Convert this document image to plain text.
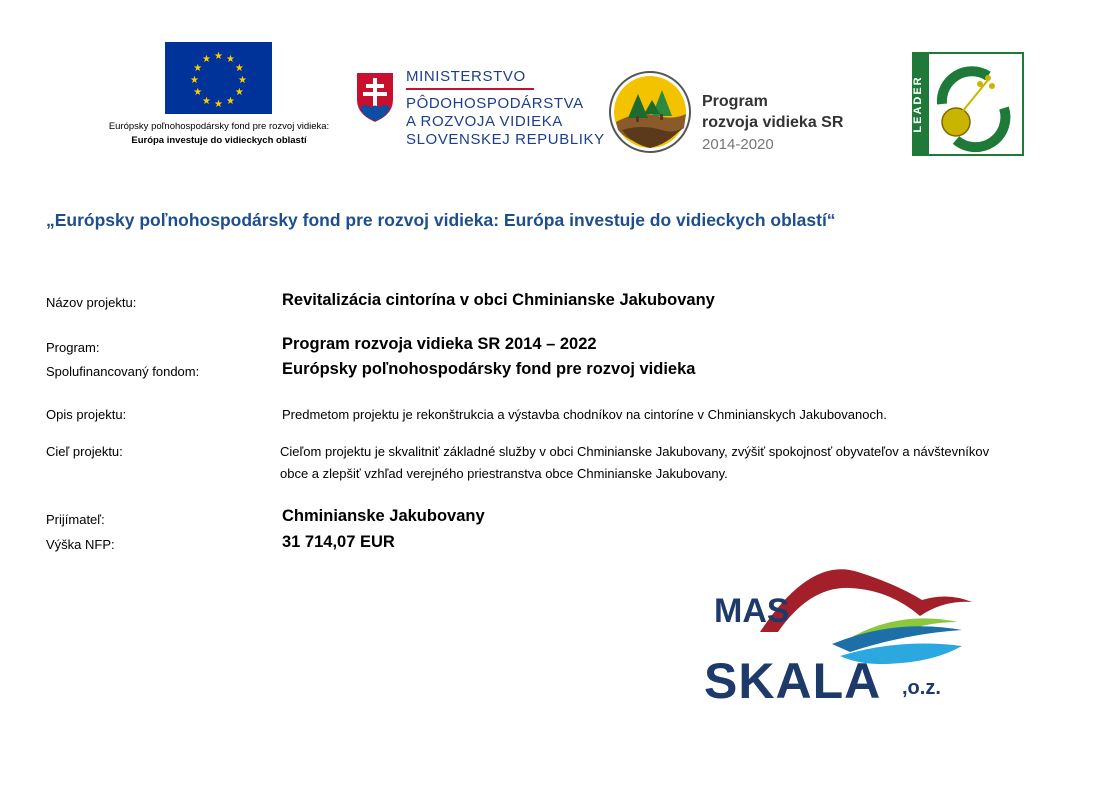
★ ★
★
★
★
★
★
★
★
★
★
★
Európsky poľnohospodársky fond pre rozvoj vidieka:
Európa investuje do vidieckych oblastí
MINISTERSTVO
PÔDOHOSPODÁRSTVA
A ROZVOJA VIDIEKA
SLOVENSKEJ REPUBLIKY
Program
rozvoja vidieka SR
2014-2020
LEADER
„Európsky poľnohospodársky fond pre rozvoj vidieka: Európa investuje do vidieckych oblastí“
Názov projektu:	Revitalizácia cintorína v obci Chminianske Jakubovany
Program:	Program rozvoja vidieka SR 2014 – 2022
Spolufinancovaný fondom:	Európsky poľnohospodársky fond pre rozvoj vidieka
Opis projektu:	Predmetom projektu je rekonštrukcia a výstavba chodníkov na cintoríne v Chminianskych Jakubovanoch.
Cieľ projektu:	Cieľom projektu je skvalitniť základné služby v obci Chminianske Jakubovany, zvýšiť spokojnosť obyvateľov a návštevníkov
obce a zlepšiť vzhľad verejného priestranstva obce Chminianske Jakubovany.
Prijímateľ:	Chminianske Jakubovany
Výška NFP:	31 714,07 EUR
MAS
SKALA ,o.z.
